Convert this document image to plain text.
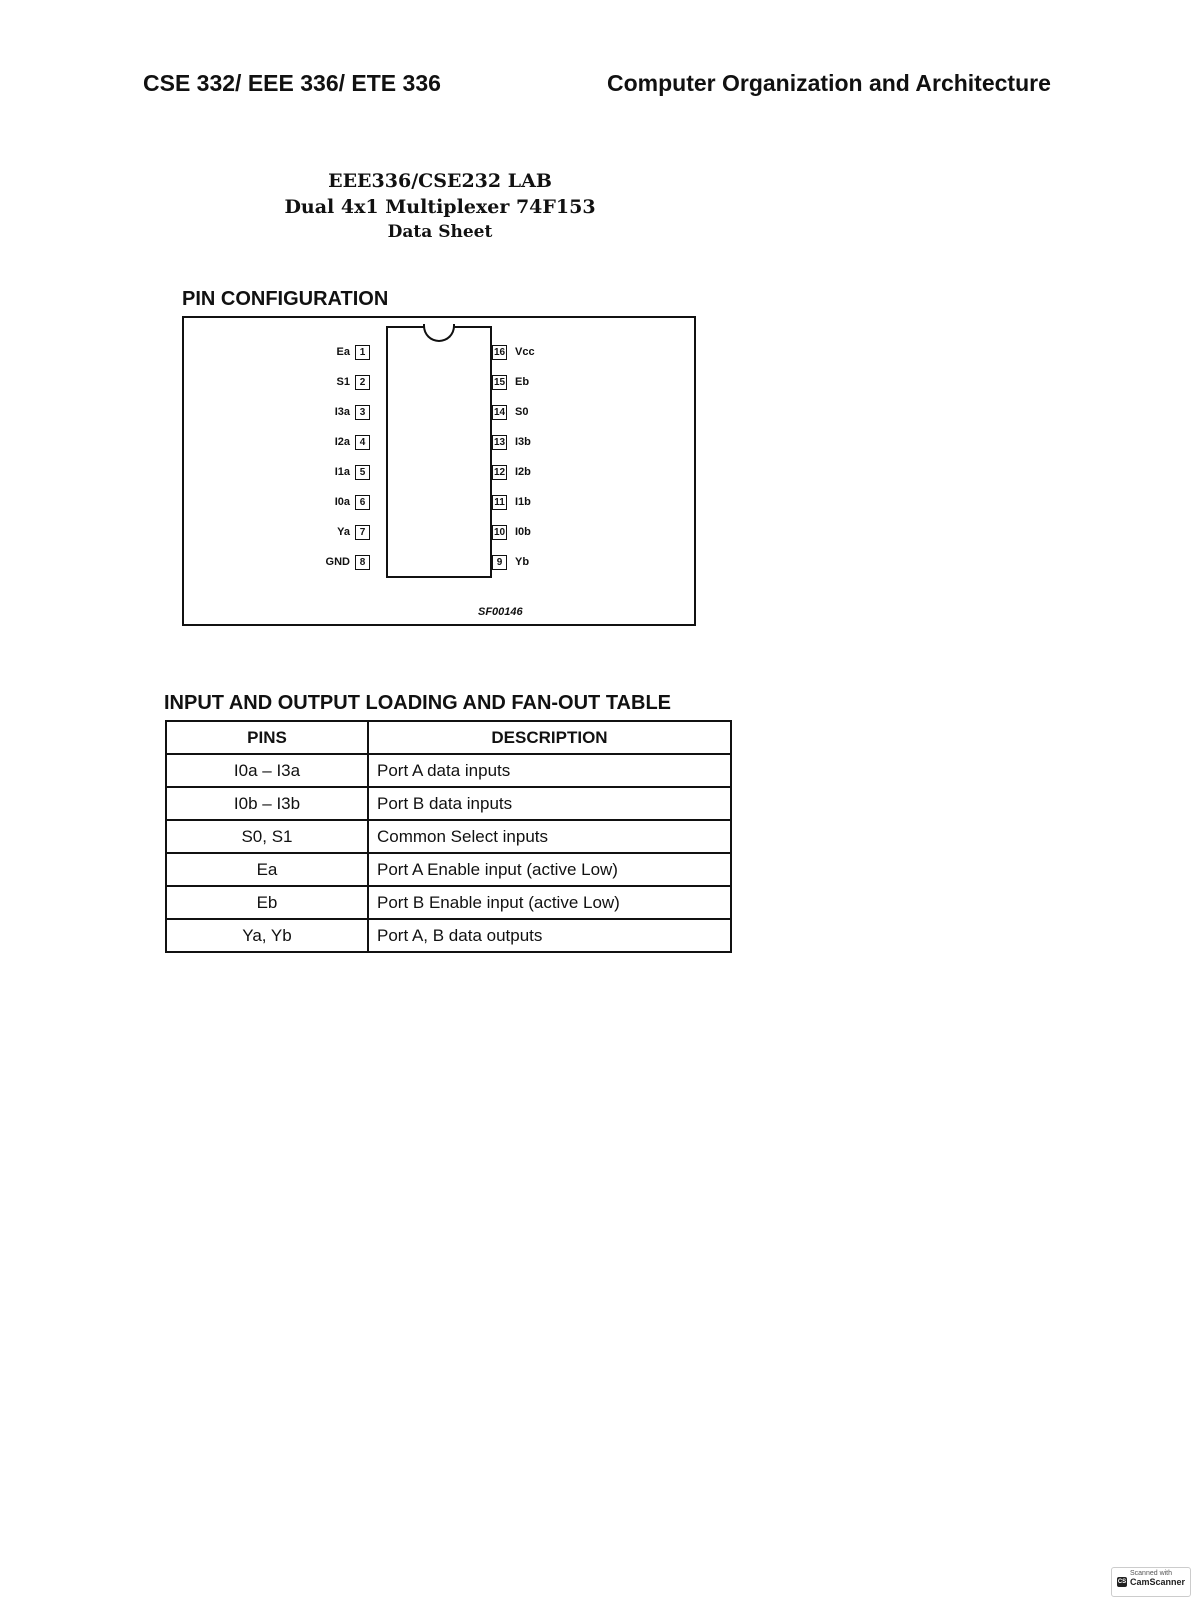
CSE 332/ EEE 336/ ETE 336	Computer Organization and Architecture
EEE336/CSE232 LAB
Dual 4x1 Multiplexer 74F153
Data Sheet
PIN CONFIGURATION
Ea 1
S1 2
I3a 3
I2a 4
I1a 5
I0a 6
Ya 7
GND 8
16 Vcc
15 Eb
14 S0
13 I3b
12 I2b
11 I1b
10 I0b
9	Yb
SF00146
INPUT AND OUTPUT LOADING AND FAN-OUT TABLE
PINS	DESCRIPTION
I0a – I3a	Port A data inputs
I0b – I3b	Port B data inputs
S0, S1	Common Select inputs
Ea	Port A Enable input (active Low)
Eb	Port B Enable input (active Low)
Ya, Yb	Port A, B data outputs
Scanned with
CS CamScanner
